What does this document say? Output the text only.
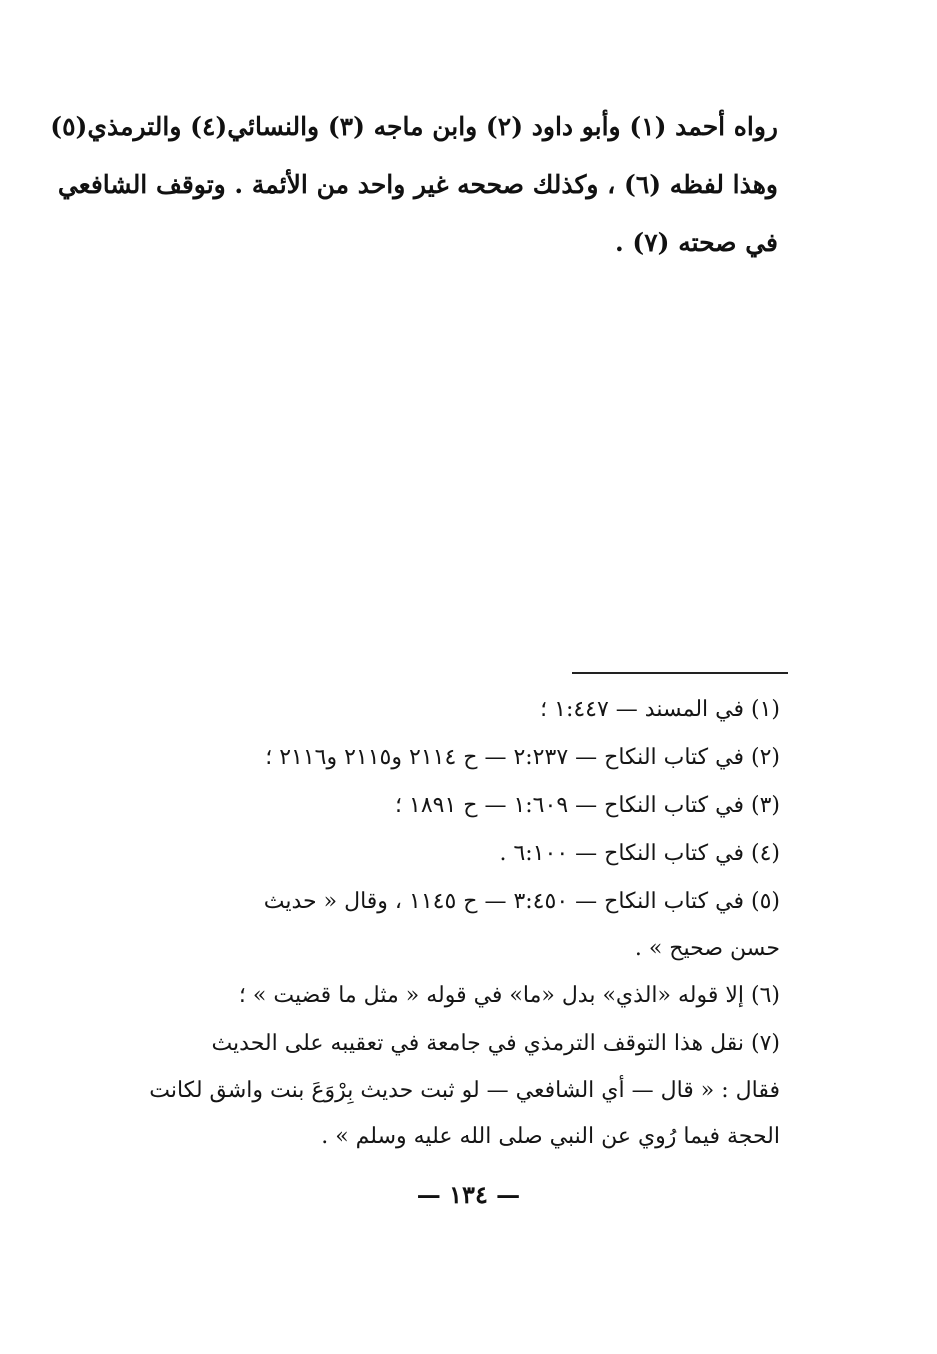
رواه أحمد (١) وأبو داود (٢) وابن ماجه (٣) والنسائي(٤) والترمذي(٥)
وهذا لفظه (٦) ، وكذلك صححه غير واحد من الأئمة . وتوقف الشافعي
في صحته (٧) .
(١) في المسند — ١:٤٤٧ ؛
(٢) في كتاب النكاح — ٢:٢٣٧ — ح ٢١١٤ و٢١١٥ و٢١١٦ ؛
(٣) في كتاب النكاح — ١:٦٠٩ — ح ١٨٩١ ؛
(٤) في كتاب النكاح — ٦:١٠٠ .
(٥) في كتاب النكاح — ٣:٤٥٠ — ح ١١٤٥ ، وقال « حديث
حسن صحيح » .
(٦) إلا قوله «الذي» بدل «ما» في قوله « مثل ما قضيت » ؛
(٧) نقل هذا التوقف الترمذي في جامعة في تعقيبه على الحديث
فقال : « قال — أي الشافعي — لو ثبت حديث بِرْوَعَ بنت واشق لكانت
الحجة فيما رُوي عن النبي صلى الله عليه وسلم » .
— ١٣٤ —
